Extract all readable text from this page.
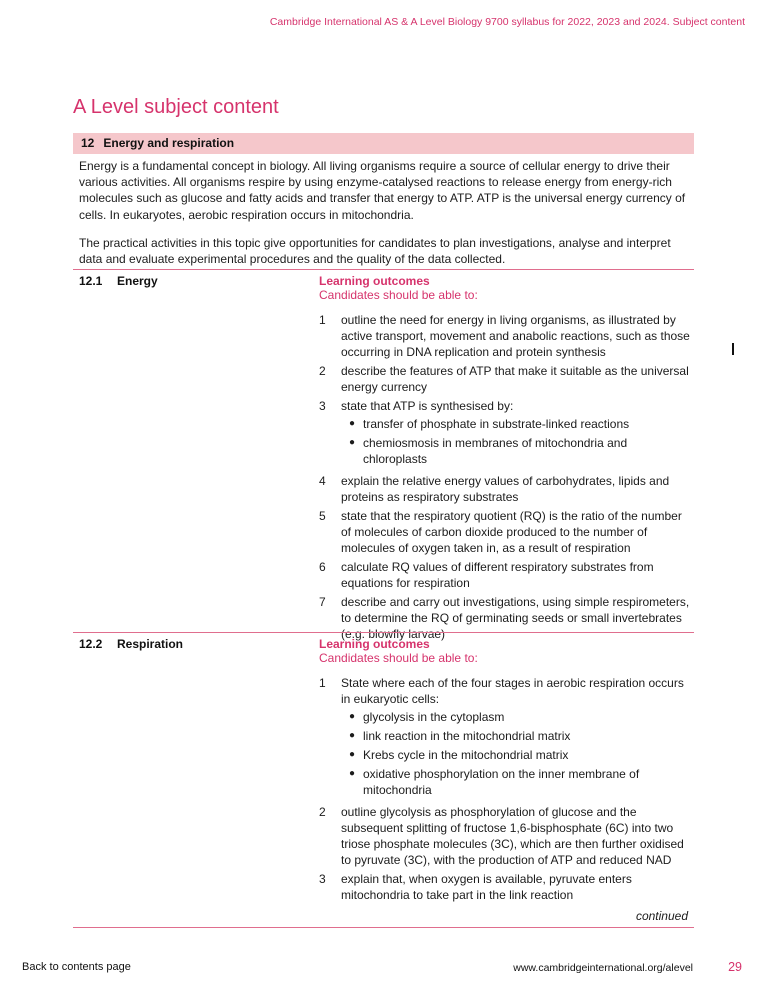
Cambridge International AS & A Level Biology 9700 syllabus for 2022, 2023 and 2024. Subject content
A Level subject content
12 Energy and respiration

Energy is a fundamental concept in biology. All living organisms require a source of cellular energy to drive their various activities. All organisms respire by using enzyme-catalysed reactions to release energy from energy-rich molecules such as glucose and fatty acids and transfer that energy to ATP. ATP is the universal energy currency of cells. In eukaryotes, aerobic respiration occurs in mitochondria.

The practical activities in this topic give opportunities for candidates to plan investigations, analyse and interpret data and evaluate experimental procedures and the quality of the data collected.

12.1 Energy	Learning outcomes
Candidates should be able to:
1	outline the need for energy in living organisms, as illustrated by active transport, movement and anabolic reactions, such as those occurring in DNA replication and protein synthesis
2	describe the features of ATP that make it suitable as the universal energy currency
3	state that ATP is synthesised by:
● transfer of phosphate in substrate-linked reactions
● chemiosmosis in membranes of mitochondria and chloroplasts
4	explain the relative energy values of carbohydrates, lipids and proteins as respiratory substrates
5	state that the respiratory quotient (RQ) is the ratio of the number of molecules of carbon dioxide produced to the number of molecules of oxygen taken in, as a result of respiration
6	calculate RQ values of different respiratory substrates from equations for respiration
7	describe and carry out investigations, using simple respirometers, to determine the RQ of germinating seeds or small invertebrates (e.g. blowfly larvae)
12.2 Respiration	Learning outcomes
Candidates should be able to:
1	State where each of the four stages in aerobic respiration occurs in eukaryotic cells:
● glycolysis in the cytoplasm
● link reaction in the mitochondrial matrix
● Krebs cycle in the mitochondrial matrix
● oxidative phosphorylation on the inner membrane of mitochondria
2	outline glycolysis as phosphorylation of glucose and the subsequent splitting of fructose 1,6-bisphosphate (6C) into two triose phosphate molecules (3C), which are then further oxidised to pyruvate (3C), with the production of ATP and reduced NAD
3	explain that, when oxygen is available, pyruvate enters mitochondria to take part in the link reaction
continued
Back to contents page	www.cambridgeinternational.org/alevel	29
